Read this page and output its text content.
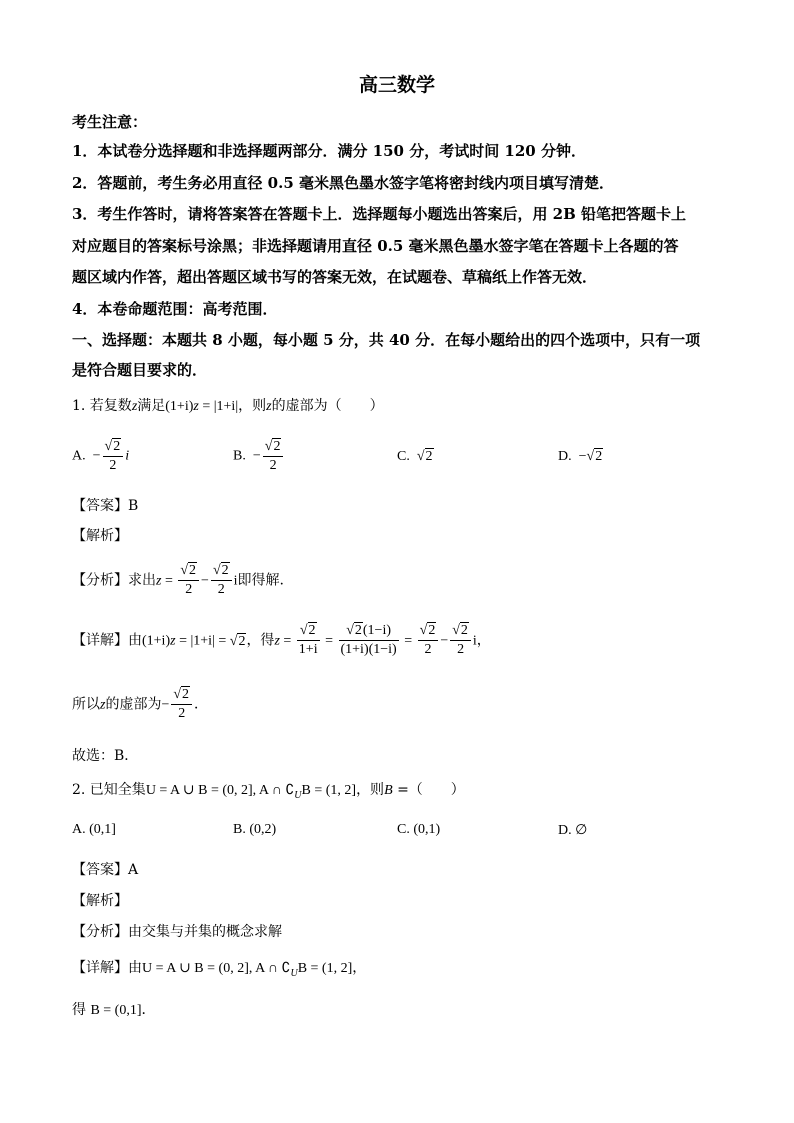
高三数学
考生注意：
1．本试卷分选择题和非选择题两部分．满分 150 分，考试时间 120 分钟．
2．答题前，考生务必用直径 0.5 毫米黑色墨水签字笔将密封线内项目填写清楚．
3．考生作答时，请将答案答在答题卡上．选择题每小题选出答案后，用 2B 铅笔把答题卡上
对应题目的答案标号涂黑；非选择题请用直径 0.5 毫米黑色墨水签字笔在答题卡上各题的答
题区域内作答，超出答题区域书写的答案无效，在试题卷、草稿纸上作答无效．
4．本卷命题范围：高考范围．
一、选择题：本题共 8 小题，每小题 5 分，共 40 分．在每小题给出的四个选项中，只有一项
是符合题目要求的．
1. 若复数z满足(1+i)z = |1+i|，则z的虚部为（　　）
A.  − $\frac{√2}{2}$ i	B.  − $\frac{√2}{2}$	C. √2	D.  −√2
【答案】B
【解析】
【分析】求出$z = \frac{√2}{2} - \frac{√2}{2}$ i即得解.
【详解】由(1+i)z = |1+i| = √2，得$z = \frac{√2}{1+i} = \frac{√2(1-i)}{(1+i)(1-i)} = \frac{√2}{2} - \frac{√2}{2}$ i，
所以z的虚部为− $\frac{√2}{2}$ ．
故选：B．
2. 已知全集U = A ∪ B = (0, 2], A ∩ $∁_UB = (1$, 2]，则B =（　　）
A. (0,1]	B. (0,2)	C. (0,1)	D. ∅
【答案】A
【解析】
【分析】由交集与并集的概念求解
【详解】由U = A ∪ B = (0, 2], A ∩ $∁_UB = (1$, 2]，
得 B = (0,1]．
